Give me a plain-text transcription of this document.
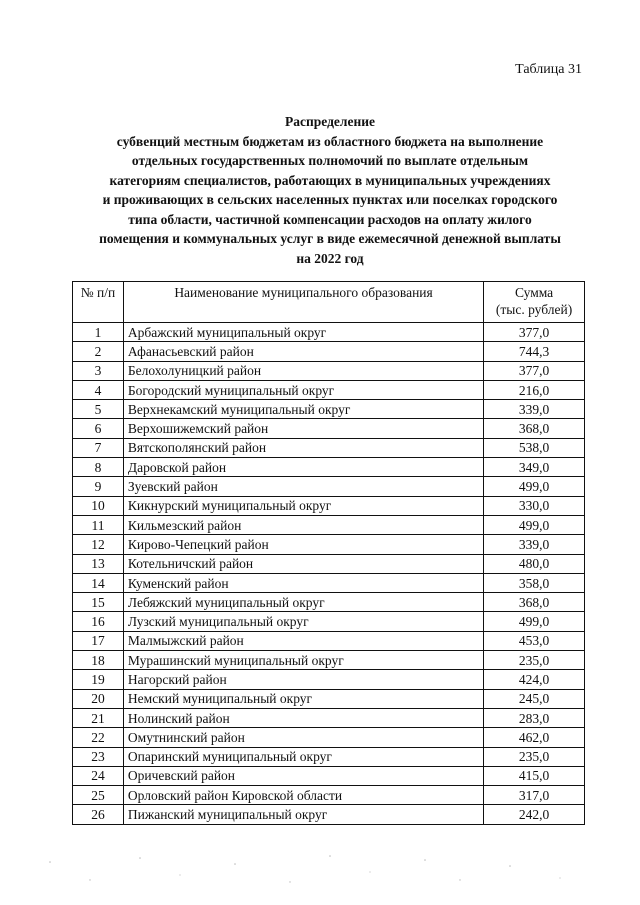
Таблица 31
Распределение
субвенций местным бюджетам из областного бюджета на выполнение
отдельных государственных полномочий по выплате отдельным
категориям специалистов, работающих в муниципальных учреждениях
и проживающих в сельских населенных пунктах или поселках городского
типа области, частичной компенсации расходов на оплату жилого
помещения и коммунальных услуг в виде ежемесячной денежной выплаты
на 2022 год
№ п/п	Наименование муниципального образования	Сумма
(тыс. рублей)
1	Арбажский муниципальный округ	377,0
2	Афанасьевский район	744,3
3	Белохолуницкий район	377,0
4	Богородский муниципальный округ	216,0
5	Верхнекамский муниципальный округ	339,0
6	Верхошижемский район	368,0
7	Вятскополянский район	538,0
8	Даровской район	349,0
9	Зуевский район	499,0
10	Кикнурский муниципальный округ	330,0
11	Кильмезский район	499,0
12	Кирово-Чепецкий район	339,0
13	Котельничский район	480,0
14	Куменский район	358,0
15	Лебяжский муниципальный округ	368,0
16	Лузский муниципальный округ	499,0
17	Малмыжский район	453,0
18	Мурашинский муниципальный округ	235,0
19	Нагорский район	424,0
20	Немский муниципальный округ	245,0
21	Нолинский район	283,0
22	Омутнинский район	462,0
23	Опаринский муниципальный округ	235,0
24	Оричевский район	415,0
25	Орловский район Кировской области	317,0
26	Пижанский муниципальный округ	242,0
